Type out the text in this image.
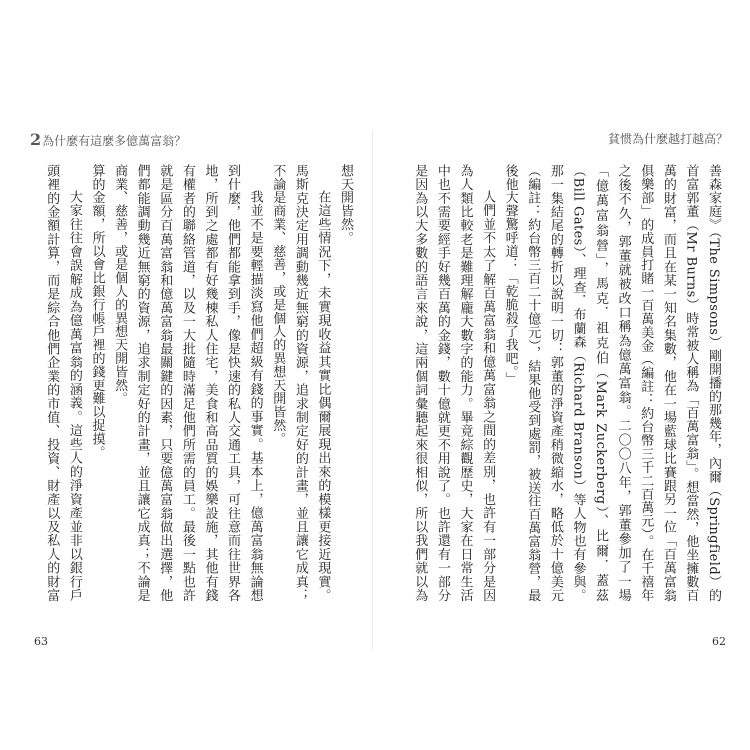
2為什麼有這麼多億萬富翁？

想天開皆然。

在這些情況下，未實現收益其實比偶爾展現出來的模樣更接近現實。馬斯克決定用調動幾近無窮的資源，追求制定好的計畫，並且讓它成真；不論是商業、慈善，或是個人的異想天開皆然。

我並不是要輕描淡寫他們超級有錢的事實。基本上，億萬富翁無論想到什麼，他們都能拿到手，像是快速的私人交通工具，可往意而往世界各地，所到之處都有好幾棟私人住宅，美食和高品質的娛樂設施，其他有錢有權者的聯絡管道，以及一大批隨時滿足他們所需的員工。最後一點也許就是區分百萬富翁和億萬富翁最關鍵的因素，只要億萬富翁做出選擇，他們都能調動幾近無窮的資源，追求制定好的計畫，並且讓它成真；不論是商業、慈善，或是個人的異想天開皆然。

算的金額，所以會比銀行帳戶裡的錢更難以捉摸。

大家往往會誤解成為億萬富翁的涵義。這些人的淨資產並非以銀行戶頭裡的金額計算，而是綜合他們企業的市值、投資、財產以及私人的財富

63
貧惯為什麼越打越高？

善森家庭》（The Simpsons）剛開播的那幾年，內爾（Springfield）的首富郭董（Mr Burns）時常被人稱為「百萬富翁」。想當然，他坐擁數百萬的財富，而且在某一知名集數，他在一場藍球比賽跟另一位「百萬富翁俱樂部」的成員打賭一百萬美金（編註：約台幣三千二百萬元）。在千禧年之後不久，郭董就被改口稱為億萬富翁。二〇〇八年，郭董參加了一場「億萬富翁營」，馬克．祖克伯（Mark Zuckerberg）、比爾．蓋茲（Bill Gates）、理查．布蘭森（Richard Branson）等人物也有參與。那一集結尾的轉折以說明一切：郭董的淨資產稍微縮水，略低於十億美元（編註：約台幣三百二十億元），結果他受到處罰，被送往百萬富翁營，最後他大聲驚呼道：「乾脆殺了我吧。」

人們並不太了解百萬富翁和億萬富翁之間的差別，也許有一部分是因為人類比較老是難理解龐大數字的能力。畢竟綜觀歷史，大家在日常生活中也不需要經手好幾百萬的金錢，數十億就更不用說了。也許還有一部分是因為以大多數的語言來說，這兩個詞彙聽起來很相似，所以我們就以為

62
